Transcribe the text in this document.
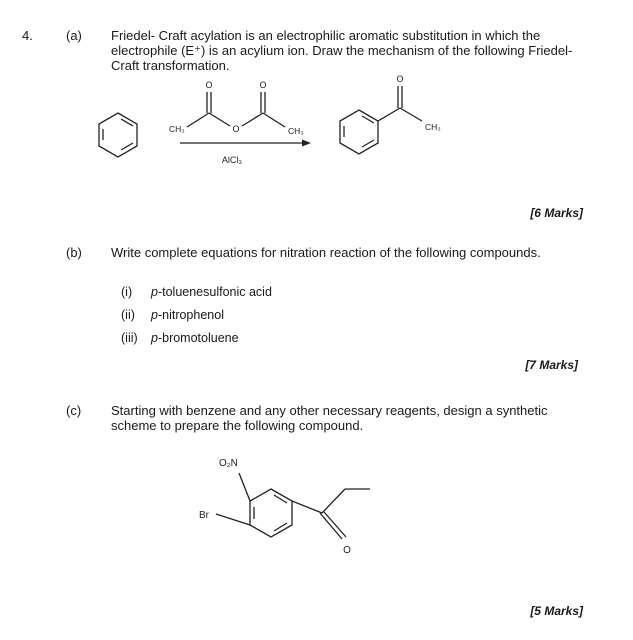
4.	(a) Friedel- Craft acylation is an electrophilic aromatic substitution in which the
electrophile (E⁺) is an acylium ion. Draw the mechanism of the following Friedel-
Craft transformation.
O	O
O
CH₃	CH₃
AlCl₃
O
CH₃
[6 Marks]
(b) Write complete equations for nitration reaction of the following compounds.
(i) p-toluenesulfonic acid
(ii) p-nitrophenol
(iii) p-bromotoluene
[7 Marks]
(c) Starting with benzene and any other necessary reagents, design a synthetic
scheme to prepare the following compound.
O₂N
Br
O
[5 Marks]
